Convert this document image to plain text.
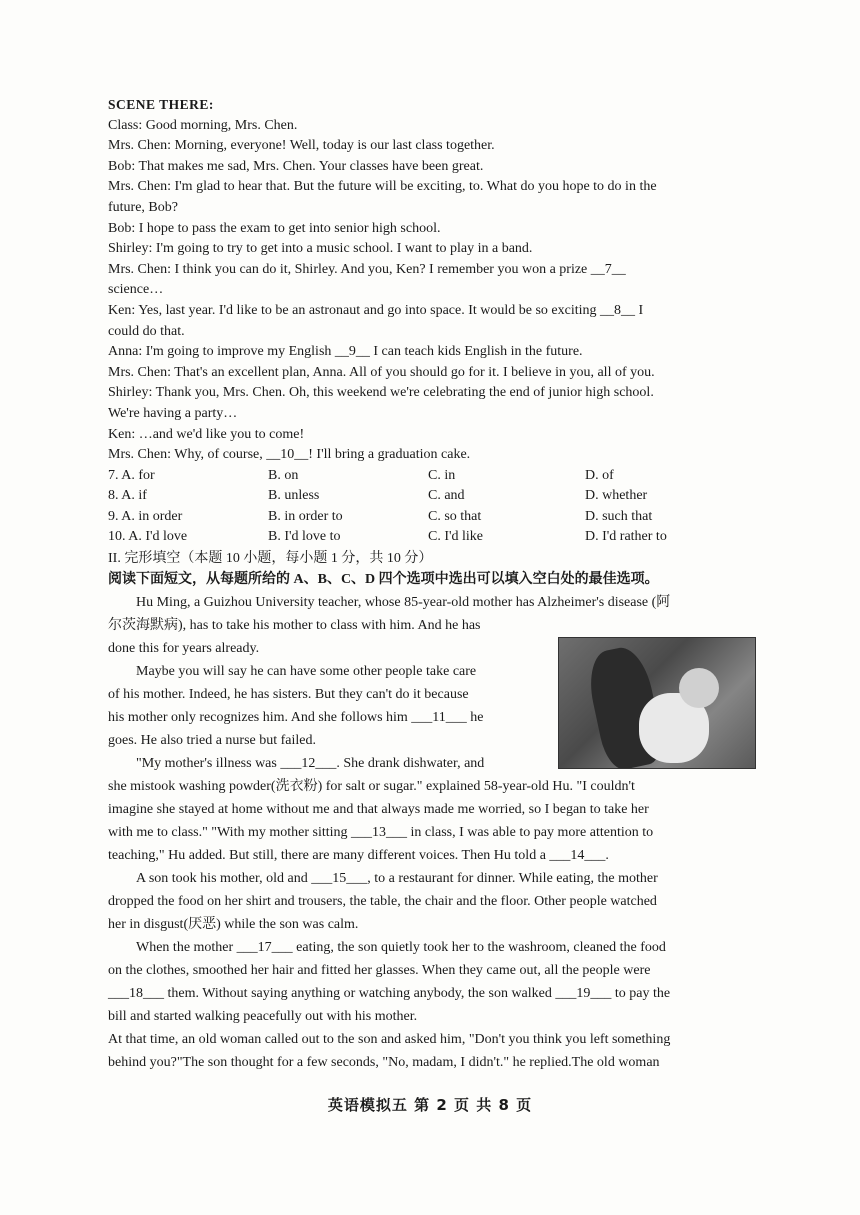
SCENE THERE:
Class: Good morning, Mrs. Chen.
Mrs. Chen: Morning, everyone! Well, today is our last class together.
Bob: That makes me sad, Mrs. Chen. Your classes have been great.
Mrs. Chen: I'm glad to hear that. But the future will be exciting, to. What do you hope to do in the
future, Bob?
Bob: I hope to pass the exam to get into senior high school.
Shirley: I'm going to try to get into a music school. I want to play in a band.
Mrs. Chen: I think you can do it, Shirley. And you, Ken? I remember you won a prize __7__
science…
Ken: Yes, last year. I'd like to be an astronaut and go into space. It would be so exciting __8__ I
could do that.
Anna: I'm going to improve my English __9__ I can teach kids English in the future.
Mrs. Chen: That's an excellent plan, Anna. All of you should go for it. I believe in you, all of you.
Shirley: Thank you, Mrs. Chen. Oh, this weekend we're celebrating the end of junior high school.
We're having a party…
Ken: …and we'd like you to come!
Mrs. Chen: Why, of course, __10__! I'll bring a graduation cake.
7. A. for	B. on	C. in	D. of
8. A. if	B. unless	C. and	D. whether
9. A. in order	B. in order to	C. so that	D. such that
10. A. I'd love	B. I'd love to	C. I'd like	D. I'd rather to
II. 完形填空（本题 10 小题，每小题 1 分，共 10 分）
阅读下面短文，从每题所给的 A、B、C、D 四个选项中选出可以填入空白处的最佳选项。
Hu Ming, a Guizhou University teacher, whose 85-year-old mother has Alzheimer's disease (阿
尔茨海默病), has to take his mother to class with him. And he has
done this for years already.
Maybe you will say he can have some other people take care
of his mother. Indeed, he has sisters. But they can't do it because
his mother only recognizes him. And she follows him ___11___ he
goes. He also tried a nurse but failed.
"My mother's illness was ___12___. She drank dishwater, and
she mistook washing powder(洗衣粉) for salt or sugar." explained 58-year-old Hu. "I couldn't
imagine she stayed at home without me and that always made me worried, so I began to take her
with me to class." "With my mother sitting ___13___ in class, I was able to pay more attention to
teaching," Hu added. But still, there are many different voices. Then Hu told a ___14___.
A son took his mother, old and ___15___, to a restaurant for dinner. While eating, the mother
dropped the food on her shirt and trousers, the table, the chair and the floor. Other people watched
her in disgust(厌恶) while the son was calm.
When the mother ___17___ eating, the son quietly took her to the washroom, cleaned the food
on the clothes, smoothed her hair and fitted her glasses. When they came out, all the people were
___18___ them. Without saying anything or watching anybody, the son walked ___19___ to pay the
bill and started walking peacefully out with his mother.
At that time, an old woman called out to the son and asked him, "Don't you think you left something
behind you?"The son thought for a few seconds, "No, madam, I didn't." he replied.The old woman
英语模拟五 第 2 页 共 8 页
